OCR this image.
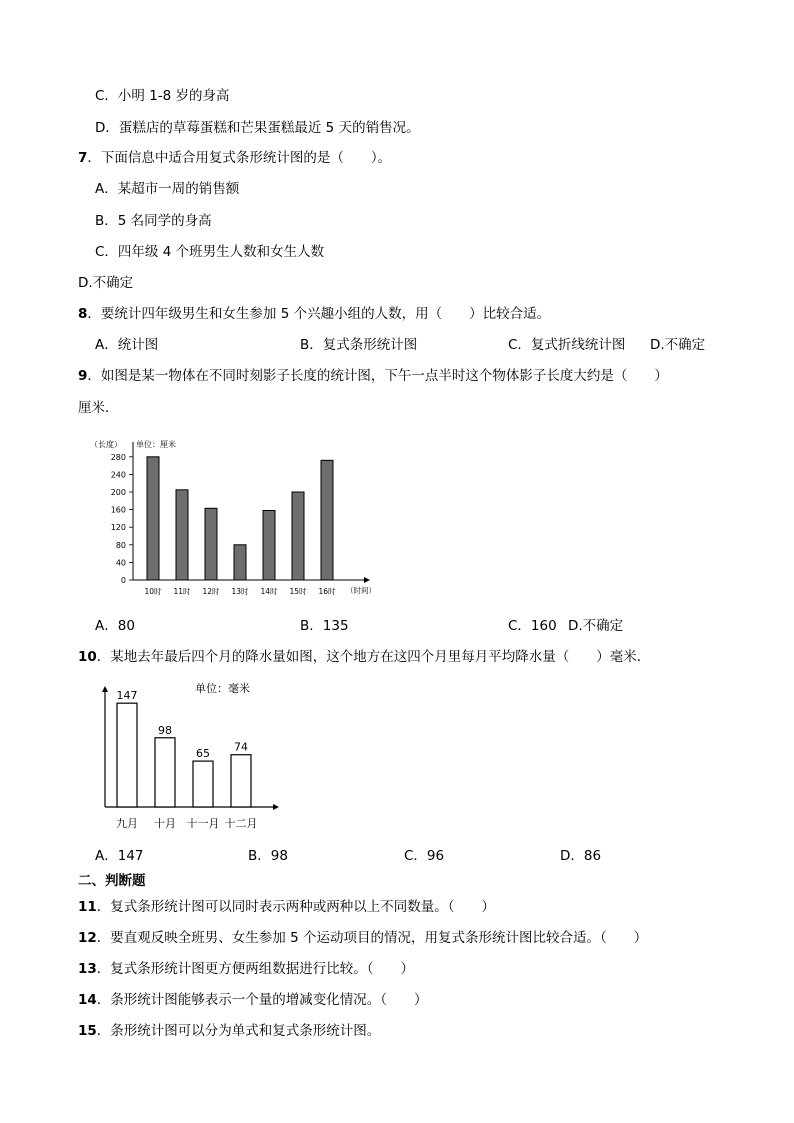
C．小明 1-8 岁的身高
D．蛋糕店的草莓蛋糕和芒果蛋糕最近 5 天的销售况。
7．下面信息中适合用复式条形统计图的是（　　）。
A．某超市一周的销售额
B．5 名同学的身高
C．四年级 4 个班男生人数和女生人数
D.不确定
8．要统计四年级男生和女生参加 5 个兴趣小组的人数，用（　　）比较合适。
A．统计图	B．复式条形统计图	C．复式折线统计图 D.不确定
9．如图是某一物体在不同时刻影子长度的统计图，下午一点半时这个物体影子长度大约是（　　）
厘米．
（长度） 单位：厘米
0
40
80
120
160
200
240
280
10时 11时 12时 13时 14时 15时 16时 （时间）
A．80	B．135	C．160 D.不确定
10．某地去年最后四个月的降水量如图，这个地方在这四个月里每月平均降水量（　　）毫米．
单位：毫米
147
98
65 74
九月 十月 十一月 十二月
A．147	B．98	C．96	D．86
二、判断题
11．复式条形统计图可以同时表示两种或两种以上不同数量。（　　）
12．要直观反映全班男、女生参加 5 个运动项目的情况，用复式条形统计图比较合适。（　　）
13．复式条形统计图更方便两组数据进行比较。（　　）
14．条形统计图能够表示一个量的增减变化情况。（　　）
15．条形统计图可以分为单式和复式条形统计图。
